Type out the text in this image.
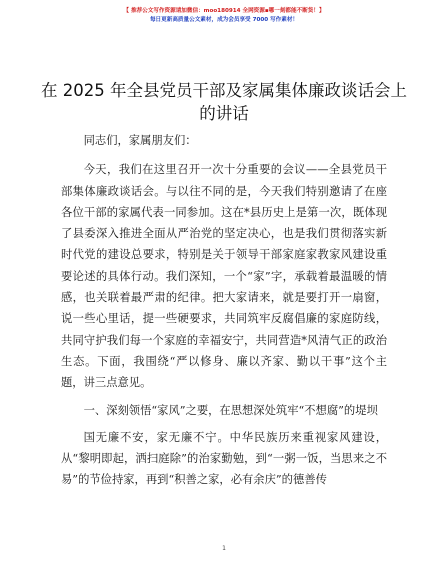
【 推荐公文写作资源请加微信：moo180914 全网资源▪哪一刻都能不断货！】
每日更新高质量公文素材，成为会员享受 7000 写作素材！
在 2025 年全县党员干部及家属集体廉政谈话会上的讲话

同志们，家属朋友们：

今天，我们在这里召开一次十分重要的会议——全县党员干部集体廉政谈话会。与以往不同的是，今天我们特别邀请了在座各位干部的家属代表一同参加。这在*县历史上是第一次，既体现了县委深入推进全面从严治党的坚定决心，也是我们贯彻落实新时代党的建设总要求，特别是关于领导干部家庭家教家风建设重要论述的具体行动。我们深知，一个“家”字，承载着最温暖的情感，也关联着最严肃的纪律。把大家请来，就是要打开一扇窗，说一些心里话，提一些硬要求，共同筑牢反腐倡廉的家庭防线，共同守护我们每一个家庭的幸福安宁，共同营造*风清气正的政治生态。下面，我围绕“严以修身、廉以齐家、勤以干事”这个主题，讲三点意见。

一、深刻领悟“家风”之要，在思想深处筑牢“不想腐”的堤坝

国无廉不安，家无廉不宁。中华民族历来重视家风建设，从“黎明即起，洒扫庭除”的治家勤勉，到“一粥一饭，当思来之不易”的节俭持家，再到“积善之家，必有余庆”的德善传

1
